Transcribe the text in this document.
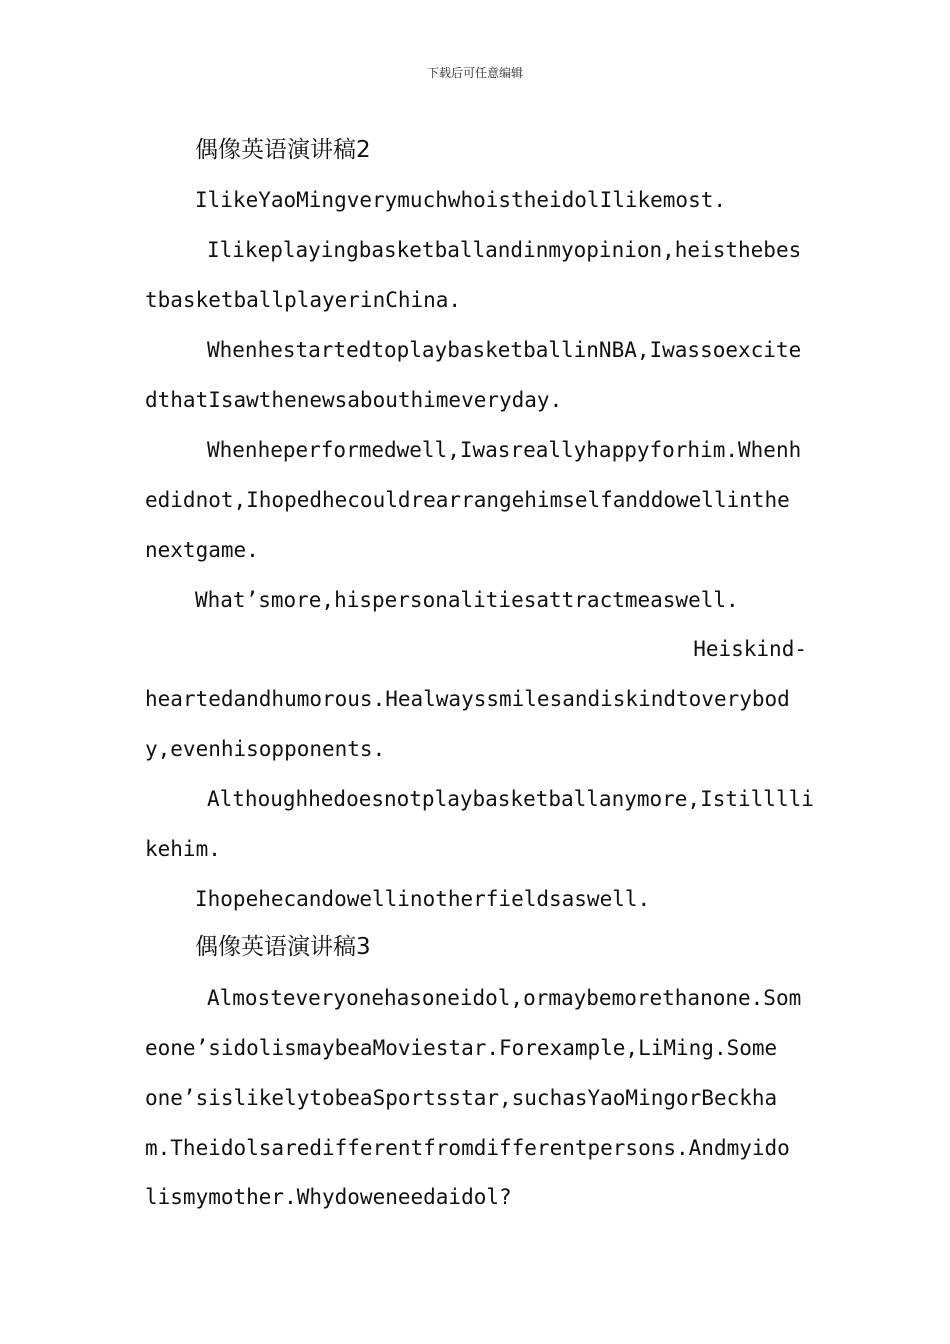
下载后可任意编辑
偶像英语演讲稿2
IlikeYaoMingverymuchwhoistheidolIlikemost.
Ilikeplayingbasketballandinmyopinion,heisthebes
tbasketballplayerinChina.
WhenhestartedtoplaybasketballinNBA,Iwassoexcite
dthatIsawthenewsabouthimeveryday.
Whenheperformedwell,Iwasreallyhappyforhim.Whenh
edidnot,Ihopedhecouldrearrangehimselfanddowellinthe
nextgame.
What’smore,hispersonalitiesattractmeaswell.
Heiskind-
heartedandhumorous.Healwayssmilesandiskindtoverybod
y,evenhisopponents.
Althoughhedoesnotplaybasketballanymore,Istilllli
kehim.
Ihopehecandowellinotherfieldsaswell.
偶像英语演讲稿3
Almosteveryonehasoneidol,ormaybemorethanone.Som
eone’sidolismaybeaMoviestar.Forexample,LiMing.Some
one’sislikelytobeaSportsstar,suchasYaoMingorBeckha
m.Theidolsaredifferentfromdifferentpersons.Andmyido
lismymother.Whydoweneedaidol?
